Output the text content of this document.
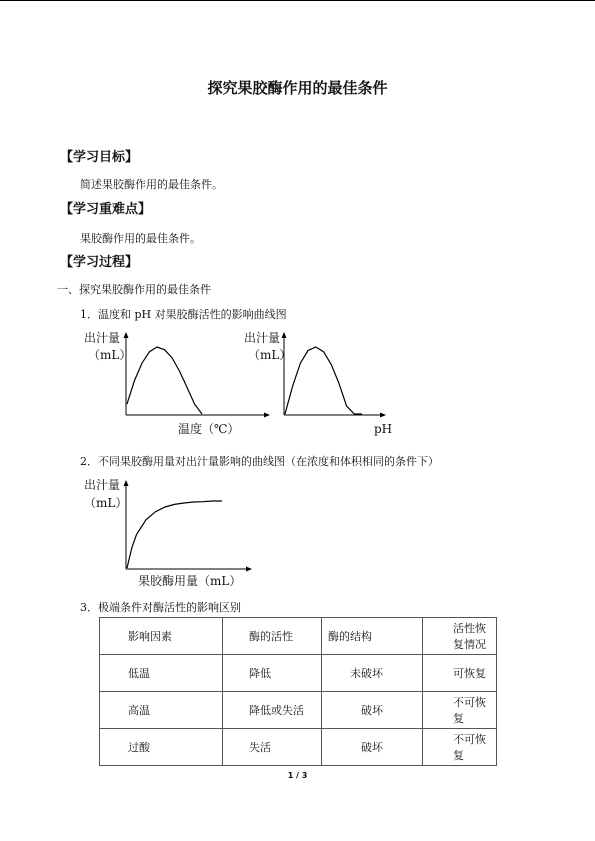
探究果胶酶作用的最佳条件
【学习目标】
简述果胶酶作用的最佳条件。
【学习重难点】
果胶酶作用的最佳条件。
【学习过程】
一、探究果胶酶作用的最佳条件
1．温度和 pH 对果胶酶活性的影响曲线图
出汁量
（mL）
温度（℃）
出汁量
（mL）
pH
2．不同果胶酶用量对出汁量影响的曲线图（在浓度和体积相同的条件下）
出汁量
（mL）
果胶酶用量（mL）
3．极端条件对酶活性的影响区别
影响因素	酶的活性	酶的结构	活性恢复情况
低温	降低	未破坏	可恢复
高温	降低或失活	破坏	不可恢复
过酸	失活	破坏	不可恢复
1 / 3
